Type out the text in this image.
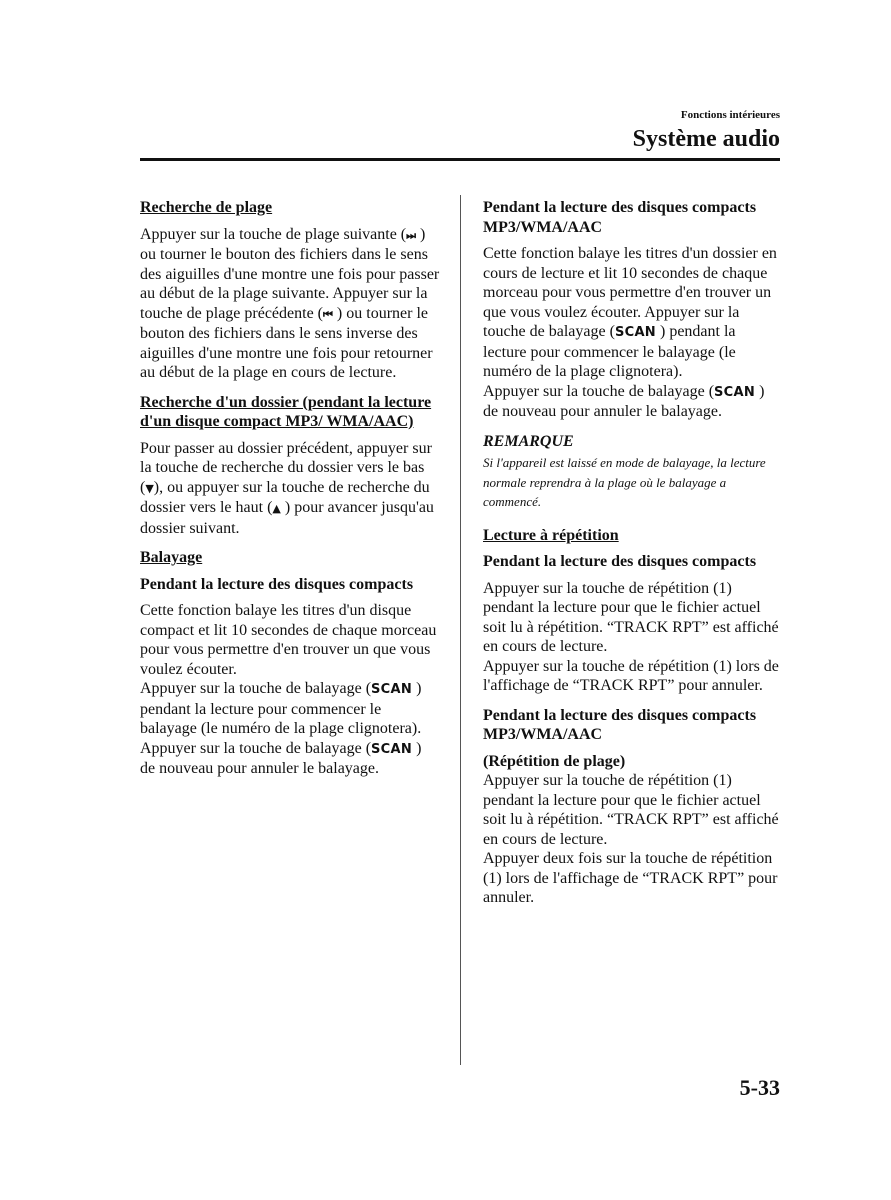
Fonctions intérieures
Système audio
Recherche de plage

Appuyer sur la touche de plage suivante (⏭ ) ou tourner le bouton des fichiers dans le sens des aiguilles d'une montre une fois pour passer au début de la plage suivante. Appuyer sur la touche de plage précédente (⏮ ) ou tourner le bouton des fichiers dans le sens inverse des aiguilles d'une montre une fois pour retourner au début de la plage en cours de lecture.

Recherche d'un dossier (pendant la lecture d'un disque compact MP3/ WMA/AAC)

Pour passer au dossier précédent, appuyer sur la touche de recherche du dossier vers le bas (▼), ou appuyer sur la touche de recherche du dossier vers le haut (▲ ) pour avancer jusqu'au dossier suivant.

Balayage
Pendant la lecture des disques compacts

Cette fonction balaye les titres d'un disque compact et lit 10 secondes de chaque morceau pour vous permettre d'en trouver un que vous voulez écouter.

Appuyer sur la touche de balayage (SCAN ) pendant la lecture pour commencer le balayage (le numéro de la plage clignotera). Appuyer sur la touche de balayage (SCAN ) de nouveau pour annuler le balayage.

Pendant la lecture des disques compacts MP3/WMA/AAC

Cette fonction balaye les titres d'un dossier en cours de lecture et lit 10 secondes de chaque morceau pour vous permettre d'en trouver un que vous voulez écouter. Appuyer sur la touche de balayage (SCAN ) pendant la lecture pour commencer le balayage (le numéro de la plage clignotera).

Appuyer sur la touche de balayage (SCAN ) de nouveau pour annuler le balayage.

REMARQUE
Si l'appareil est laissé en mode de balayage, la lecture normale reprendra à la plage où le balayage a commencé.
Lecture à répétition
Pendant la lecture des disques compacts

Appuyer sur la touche de répétition (1) pendant la lecture pour que le fichier actuel soit lu à répétition. “TRACK RPT” est affiché en cours de lecture.

Appuyer sur la touche de répétition (1) lors de l'affichage de “TRACK RPT” pour annuler.

Pendant la lecture des disques compacts MP3/WMA/AAC
(Répétition de plage)

Appuyer sur la touche de répétition (1) pendant la lecture pour que le fichier actuel soit lu à répétition. “TRACK RPT” est affiché en cours de lecture.

Appuyer deux fois sur la touche de répétition (1) lors de l'affichage de “TRACK RPT” pour annuler.

5-33
